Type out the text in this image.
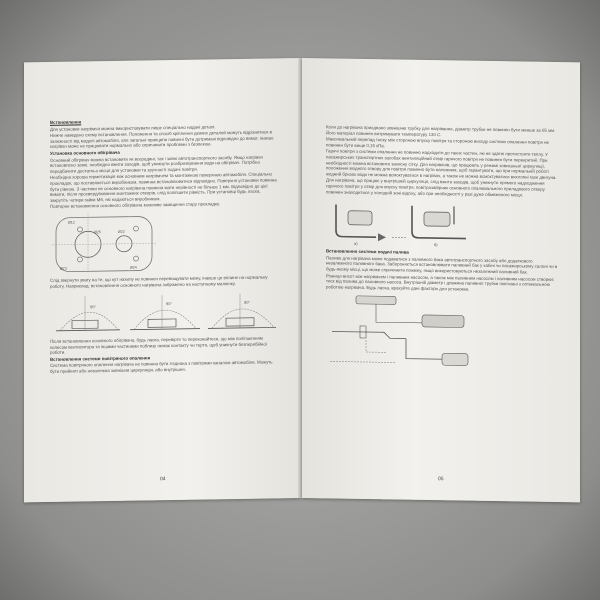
Встановлення

Для установки нагрівача можна використовувати лише спеціально наданi деталі.

Нижче наведено схему встановлення. Положення та спосіб кріплення деяких деталей можуть відрізнятися в залежності від моделі автомобіля, але загальні принципи повинні бути дотримані відповідно до вимог, інакше нагрівач може не працювати нормально або спричинити проблеми з безпекою.

Установка основного обігрівача

Основний обігрівач можна встановити як всередині, так і зовні автотранспортного засобу. Якщо нагрівач встановлено зовні, необхідно вжити заходів, щоб уникнути розбризкування води на обігрівач. Потрібно передбачити достатньо місця для установки та зручності подачі повітря.

Необхідна хороша герметизація між основним нагрівачем та монтажною поверхнею автомобіля. Спеціально прокладок, що поставляється виробником, повинна встановлюватися відповідно. Поверхня установки повинна бути рівною. З частини не основного нагрівача повинна мати нерівності не більше 1 мм. Відповідно до цієї вимоги, після просвердлювання монтажних отворів, слід поліпшити рівність. При установці будь ласка, закрутіть чотири гайки М6, які надаються виробником.

Повторне встановлення основного обігрівача можливе заміщення стару прокладку.

Ø12
Ø25	Ø22
Ø24
Ø73

Слід звернути увагу на те, що кут нахилу не повинен перевищувати межу, інакше це вплине на нормальну роботу. Наприклад: встановлення основного нагрівача зображено на наступному малюнку.

90°
90°	90°

Після встановлення основного обігрівача, будь ласка, перевірте то переконайтеся, що між поліпшенням колесом вентилятора та іншими частинами поблизу немає контакту чи тертя, щоб уникнути безперебійної роботи.

Встановлення системи повітряного опалення

Система повітряного опалення нагрівача не повинна бути з'єднана з повітрями каналом автомобіля. Можуть бути прийняті або незалежна зовнішня циркуляція, або внутрішня.

04

Коли до нагрівача приєднано зовнішню трубку для нагрівання, діаметр трубки не повинен бути менше за 65 мм. Його матеріал повинен витримувати температуру 130 С.

Максимальний перепад тиску між стороною впуску повітря та стороною виходу системи опалення повітря не повинен бути вище 0,15 кПа.

Гарячі повітря з системи опалення не повинно надходити до таких частин, які не здатні протистояти теплу. У пасажирських транспортних засобах вентиляційний отвір гарячого повітря не повинен бути перекритий. При необхідності можна встановити захисну сітку. Для нагрівачів, що працюють у режимі зовнішньої циркуляції, положення вхідного отвору для повітря повинно бути належним, щоб гарантувати, що при нормальній роботі жодний бризок води не можна всмоктуватися в нагрівач, а також не можна всмоктуватися вихлопні гази двигуна.

Для нагрівача, що працює у внутрішній циркуляції, слід вжити заходів, щоб уникнути прямого надходження гарячого повітря у отвір для впуску повітря, повітрозабірник основного опалювального приладового отвору повинен знаходитися у холодній зоні відсіку, або при необхідності у разі дуже обмеженого місця.

a)	б)

Встановлення системи подачі палива

Паливо для нагрівача може подаватися з паливного бака автотранспортного засобу або додаткового незалежного паливного бака. Забороняється встановлювати паливний бак у кабіні чи пасажирському салоні чи в будь-якому місці, що може спричинити пожежу, якщо використовуються незалежний паливний бак.

Різниця висот між нагрівачем і паливним насосом, а також між паливним насосом і паливним насосом створює тиск від палива до паливного насоса. Внутрішній діаметр і довжина паливної трубки пов'язані з оптимальною роботою нагрівача. Будь ласка, врахуйте дані фактори для установки.

05
